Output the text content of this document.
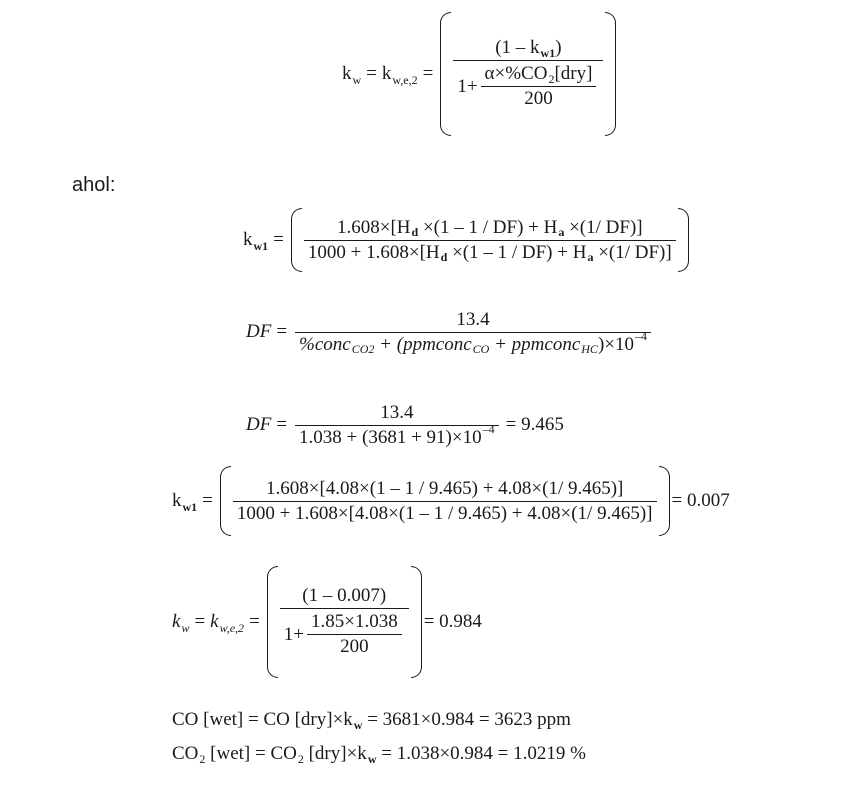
$k_w = k_{w,e,2} = \frac{\text{(1 – k w1 )}}{1+ \frac{\text{α×\%CO 2 [dry]}}{200}}$
ahol:
$k_{w1} = 1.608\times[H$ d
×(1 – 1 / DF) + H a
×(1/ DF)]
1000 + 1.608×[H d
×(1 – 1 / DF) + H a
×(1/ DF)]
DF = 13.4
%conc CO2
+ (ppmconc CO
+ ppmconc HC )×10 –4
DF = $\frac{13.4}{1.038 + (3681 + 91)\times 10 -4} = 9.465$
$k_{w1} = \frac{1.608\times[4.08\times(1 - 1 / 9.465) + 4.08\times(1/ 9.465)]}{1000 + 1.608\times[4.08\times(1 - 1 / 9.465) + 4.08\times(1/ 9.465)]} = 0.007$
$k_w = k_{w,e,2} = \frac{(1 - 0.007)}{1+ \frac{1.85\times 1.038}{200}} = 0.984$
CO [wet] = CO [dry]×k w
= 3681×0.984 = 3623 ppm
CO 2
[wet] = CO 2
[dry]×k w
= 1.038×0.984 = 1.0219 %
